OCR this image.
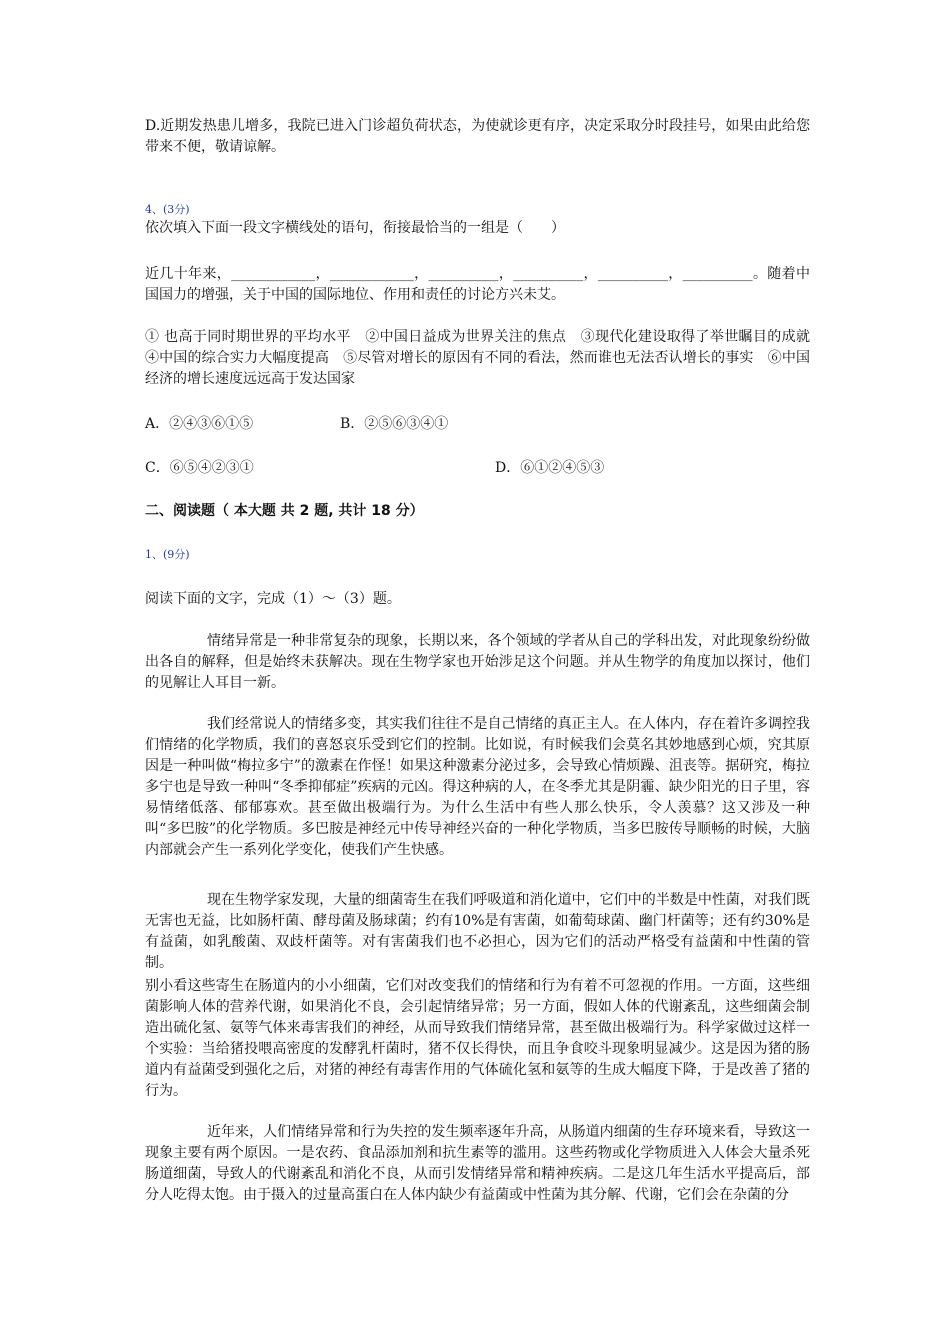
D.近期发热患儿增多，我院已进入门诊超负荷状态，为使就诊更有序，决定采取分时段挂号，如果由此给您带来不便，敬请谅解。

4、(3分)

依次填入下面一段文字横线处的语句，衔接最恰当的一组是（　　）

近几十年来，____________，____________，__________，__________，__________，__________。随着中国国力的增强，关于中国的国际地位、作用和责任的讨论方兴未艾。

① 也高于同时期世界的平均水平　②中国日益成为世界关注的焦点　③现代化建设取得了举世瞩目的成就　④中国的综合实力大幅度提高　⑤尽管对增长的原因有不同的看法，然而谁也无法否认增长的事实　⑥中国经济的增长速度远远高于发达国家

A．②④③⑥①⑤	B．②⑤⑥③④①
C．⑥⑤④②③①	D．⑥①②④⑤③

二、阅读题（ 本大题 共 2 题, 共计 18 分）

1、(9分)

阅读下面的文字，完成（1）～（3）题。

情绪异常是一种非常复杂的现象，长期以来，各个领域的学者从自己的学科出发，对此现象纷纷做出各自的解释，但是始终未获解决。现在生物学家也开始涉足这个问题。并从生物学的角度加以探讨，他们的见解让人耳目一新。

我们经常说人的情绪多变，其实我们往往不是自己情绪的真正主人。在人体内，存在着许多调控我们情绪的化学物质，我们的喜怒哀乐受到它们的控制。比如说，有时候我们会莫名其妙地感到心烦，究其原因是一种叫做“梅拉多宁”的激素在作怪！如果这种激素分泌过多，会导致心情烦躁、沮丧等。据研究，梅拉多宁也是导致一种叫“冬季抑郁症”疾病的元凶。得这种病的人，在冬季尤其是阴霾、缺少阳光的日子里，容易情绪低落、郁郁寡欢。甚至做出极端行为。为什么生活中有些人那么快乐，令人羡慕？这又涉及一种叫“多巴胺”的化学物质。多巴胺是神经元中传导神经兴奋的一种化学物质，当多巴胺传导顺畅的时候，大脑内部就会产生一系列化学变化，使我们产生快感。

现在生物学家发现，大量的细菌寄生在我们呼吸道和消化道中，它们中的半数是中性菌，对我们既无害也无益，比如肠杆菌、酵母菌及肠球菌；约有10%是有害菌，如葡萄球菌、幽门杆菌等；还有约30%是有益菌，如乳酸菌、双歧杆菌等。对有害菌我们也不必担心，因为它们的活动严格受有益菌和中性菌的管制。

别小看这些寄生在肠道内的小小细菌，它们对改变我们的情绪和行为有着不可忽视的作用。一方面，这些细菌影响人体的营养代谢，如果消化不良，会引起情绪异常；另一方面，假如人体的代谢紊乱，这些细菌会制造出硫化氢、氨等气体来毒害我们的神经，从而导致我们情绪异常，甚至做出极端行为。科学家做过这样一个实验：当给猪投喂高密度的发酵乳杆菌时，猪不仅长得快，而且争食咬斗现象明显减少。这是因为猪的肠道内有益菌受到强化之后，对猪的神经有毒害作用的气体硫化氢和氨等的生成大幅度下降，于是改善了猪的行为。

近年来，人们情绪异常和行为失控的发生频率逐年升高，从肠道内细菌的生存环境来看，导致这一现象主要有两个原因。一是农药、食品添加剂和抗生素等的滥用。这些药物或化学物质进入人体会大量杀死肠道细菌，导致人的代谢紊乱和消化不良，从而引发情绪异常和精神疾病。二是这几年生活水平提高后，部分人吃得太饱。由于摄入的过量高蛋白在人体内缺少有益菌或中性菌为其分解、代谢，它们会在杂菌的分
